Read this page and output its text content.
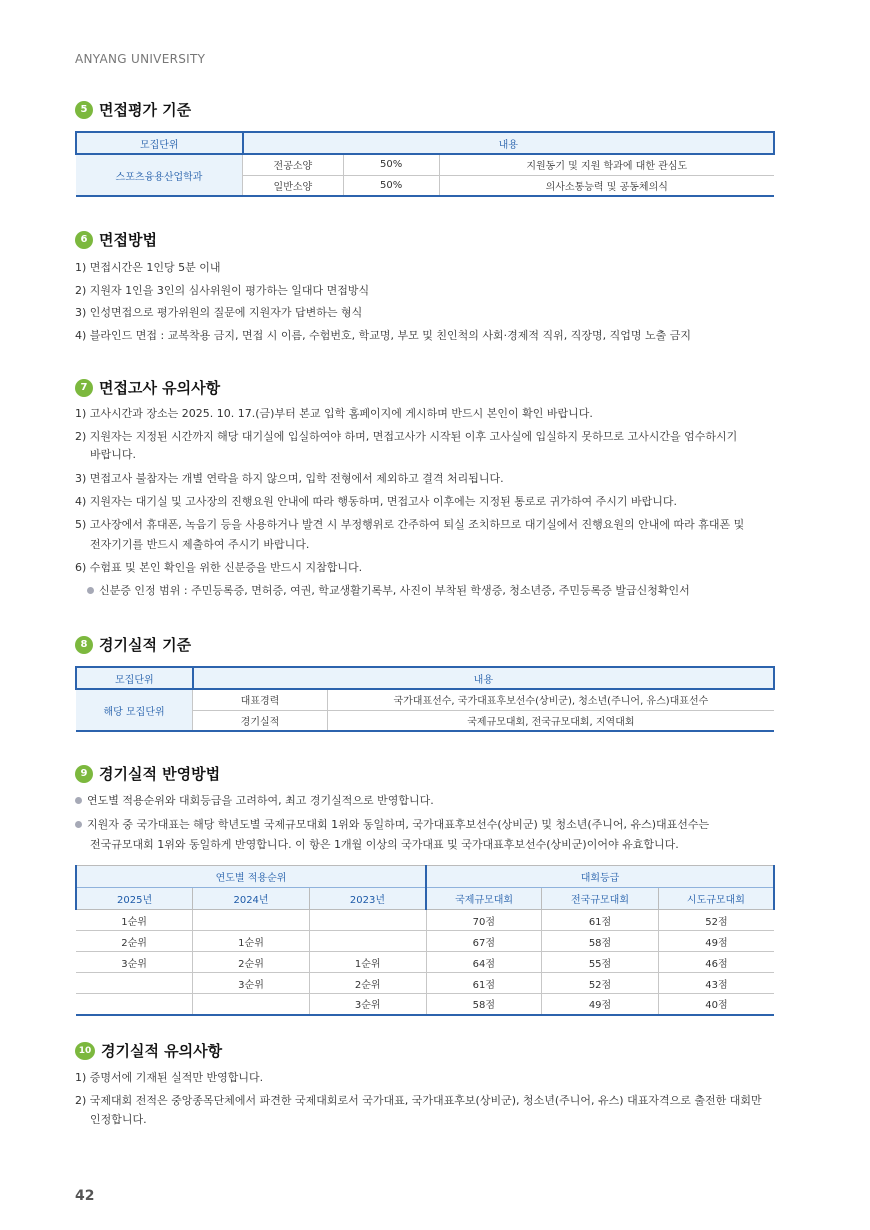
ANYANG UNIVERSITY
5 면접평가 기준
모집단위	내용		
스포츠융용산업학과	전공소양	50%	지원동기 및 지원 학과에 대한 관심도
	일반소양	50%	의사소통능력 및 공동체의식
6 면접방법
1) 면접시간은 1인당 5분 이내
2) 지원자 1인을 3인의 심사위원이 평가하는 일대다 면접방식
3) 인성면접으로 평가위원의 질문에 지원자가 답변하는 형식
4) 블라인드 면접 : 교복착용 금지, 면접 시 이름, 수험번호, 학교명, 부모 및 친인척의 사회·경제적 직위, 직장명, 직업명 노출 금지
7 면접고사 유의사항
1) 고사시간과 장소는 2025. 10. 17.(금)부터 본교 입학 홈페이지에 게시하며 반드시 본인이 확인 바랍니다.
2) 지원자는 지정된 시간까지 해당 대기실에 입실하여야 하며, 면접고사가 시작된 이후 고사실에 입실하지 못하므로 고사시간을 엄수하시기
바랍니다.
3) 면접고사 불참자는 개별 연락을 하지 않으며, 입학 전형에서 제외하고 결격 처리됩니다.
4) 지원자는 대기실 및 고사장의 진행요원 안내에 따라 행동하며, 면접고사 이후에는 지정된 통로로 귀가하여 주시기 바랍니다.
5) 고사장에서 휴대폰, 녹음기 등을 사용하거나 발견 시 부정행위로 간주하여 퇴실 조치하므로 대기실에서 진행요원의 안내에 따라 휴대폰 및
전자기기를 반드시 제출하여 주시기 바랍니다.
6) 수험표 및 본인 확인을 위한 신분증을 반드시 지참합니다.
신분증 인정 범위 : 주민등록증, 면허증, 여권, 학교생활기록부, 사진이 부착된 학생증, 청소년증, 주민등록증 발급신청확인서
8 경기실적 기준
모집단위	내용	
해당 모집단위	대표경력	국가대표선수, 국가대표후보선수(상비군), 청소년(주니어, 유스)대표선수
	경기실적	국제규모대회, 전국규모대회, 지역대회
9 경기실적 반영방법
연도별 적용순위와 대회등급을 고려하여, 최고 경기실적으로 반영합니다.
지원자 중 국가대표는 해당 학년도별 국제규모대회 1위와 동일하며, 국가대표후보선수(상비군) 및 청소년(주니어, 유스)대표선수는
전국규모대회 1위와 동일하게 반영합니다. 이 항은 1개월 이상의 국가대표 및 국가대표후보선수(상비군)이어야 유효합니다.
연도별 적용순위			대회등급		
2025년	2024년	2023년	국제규모대회	전국규모대회	시도규모대회
1순위			70점	61점	52점
2순위	1순위		67점	58점	49점
3순위	2순위	1순위	64점	55점	46점
	3순위	2순위	61점	52점	43점
		3순위	58점	49점	40점
10 경기실적 유의사항
1) 증명서에 기재된 실적만 반영합니다.
2) 국제대회 전적은 중앙종목단체에서 파견한 국제대회로서 국가대표, 국가대표후보(상비군), 청소년(주니어, 유스) 대표자격으로 출전한 대회만
인정합니다.
42
